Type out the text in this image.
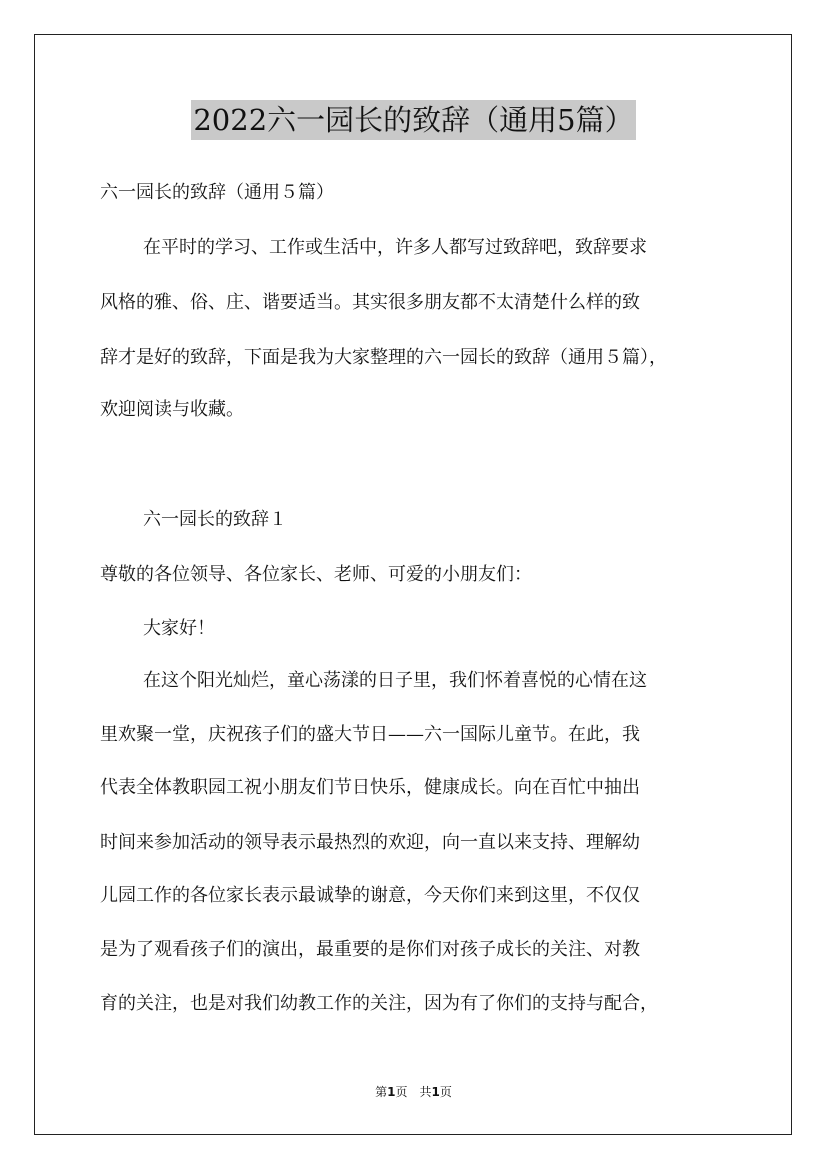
2022六一园长的致辞（通用5篇）
六一园长的致辞（通用５篇）
在平时的学习、工作或生活中，许多人都写过致辞吧，致辞要求
风格的雅、俗、庄、谐要适当。其实很多朋友都不太清楚什么样的致
辞才是好的致辞，下面是我为大家整理的六一园长的致辞（通用５篇），
欢迎阅读与收藏。
六一园长的致辞１
尊敬的各位领导、各位家长、老师、可爱的小朋友们：
大家好！
在这个阳光灿烂，童心荡漾的日子里，我们怀着喜悦的心情在这
里欢聚一堂，庆祝孩子们的盛大节日——六一国际儿童节。在此，我
代表全体教职园工祝小朋友们节日快乐，健康成长。向在百忙中抽出
时间来参加活动的领导表示最热烈的欢迎，向一直以来支持、理解幼
儿园工作的各位家长表示最诚挚的谢意，今天你们来到这里，不仅仅
是为了观看孩子们的演出，最重要的是你们对孩子成长的关注、对教
育的关注，也是对我们幼教工作的关注，因为有了你们的支持与配合，
第1页　共1页
